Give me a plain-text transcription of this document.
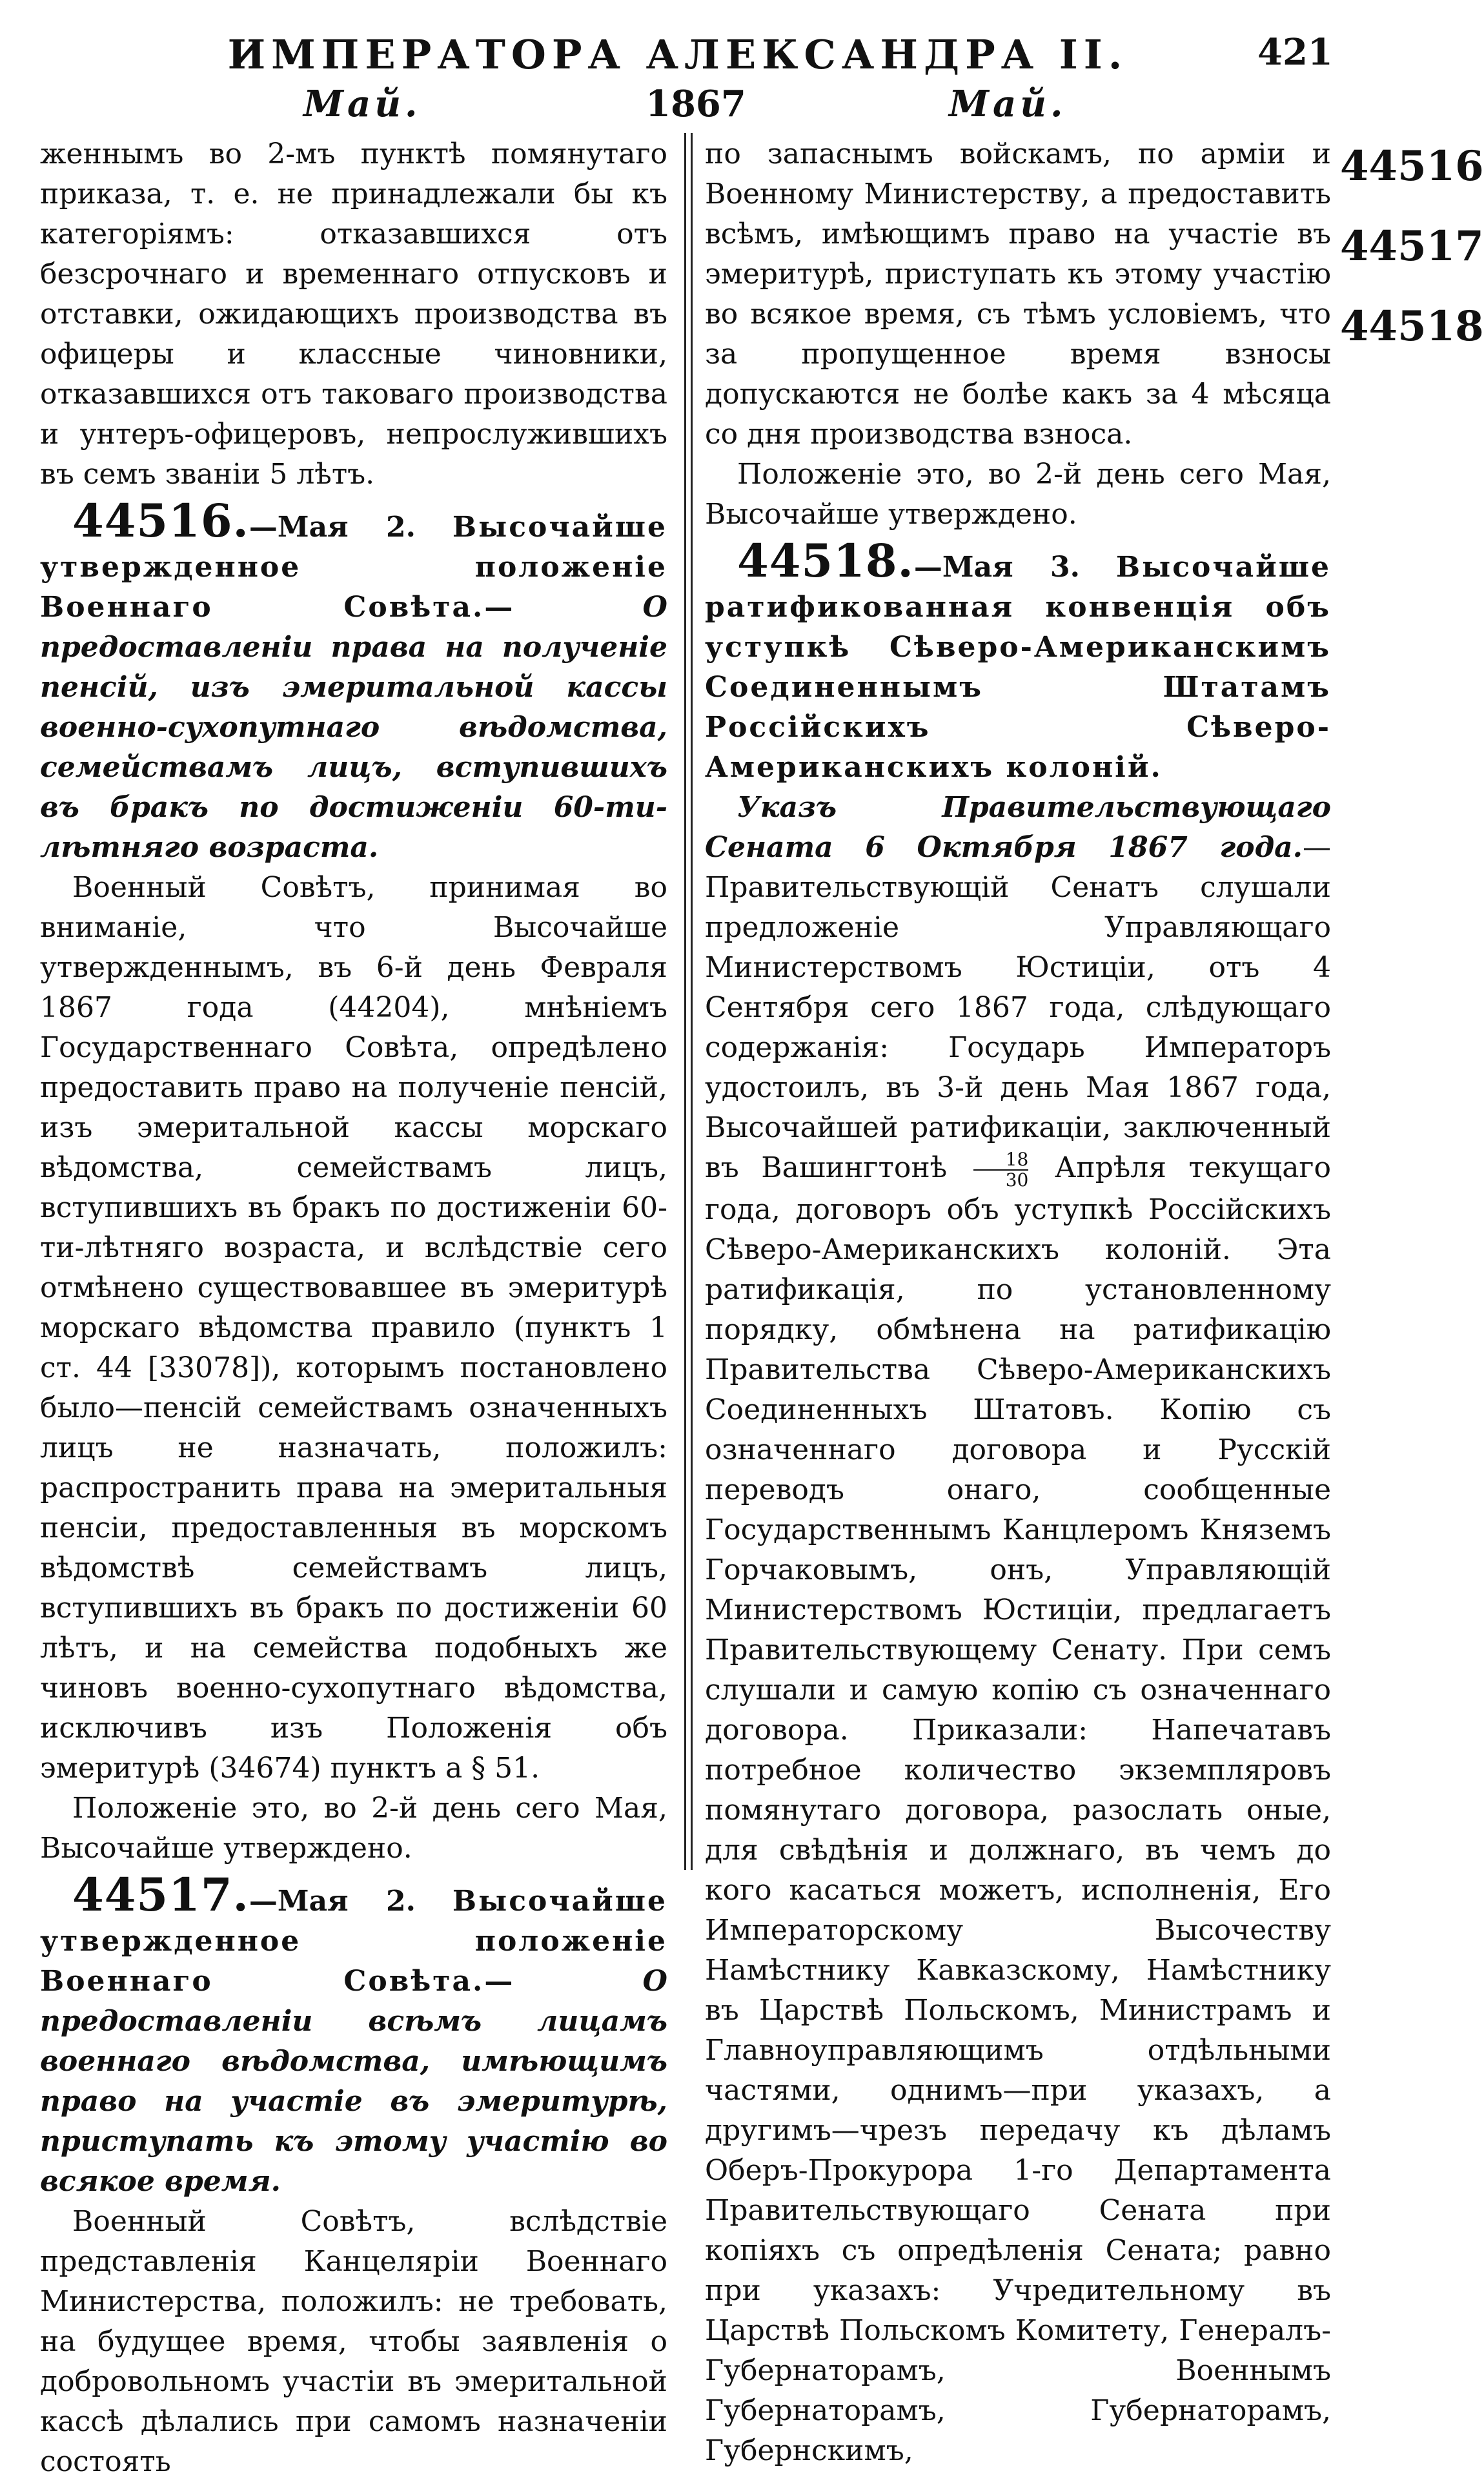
ИМПЕРАТОРА АЛЕКСАНДРА II.	421
Май.	1867	Май.

женнымъ во 2-мъ пунктѣ помянутаго приказа, т. е. не принадлежали бы къ категоріямъ: отказавшихся отъ безсрочнаго и временнаго отпусковъ и отставки, ожидающихъ производства въ офицеры и классные чиновники, отказавшихся отъ таковаго производства и унтеръ-офицеровъ, непрослужившихъ въ семъ званіи 5 лѣтъ.

44516.—Мая 2. Высочайше утвержденное положеніе Военнаго Совѣта.—	О предоставленіи права на полученіе пенсій, изъ эмеритальной кассы военно-сухопутнаго вѣдомства, семействамъ лицъ, вступившихъ въ бракъ по достиженіи 60-ти-лѣтняго возраста.

Военный Совѣтъ, принимая во вниманіе, что Высочайше утвержденнымъ, въ 6-й день Февраля 1867 года (44204), мнѣніемъ Государственнаго Совѣта, опредѣлено предоставить право на полученіе пенсій, изъ эмеритальной кассы морскаго вѣдомства, семействамъ лицъ, вступившихъ въ бракъ по достиженіи 60-ти-лѣтняго возраста, и вслѣдствіе сего отмѣнено существовавшее въ эмеритурѣ морскаго вѣдомства правило (пунктъ 1 ст. 44 [33078]), которымъ постановлено было—пенсій семействамъ означенныхъ лицъ не назначать, положилъ: распространить права на эмеритальныя пенсіи, предоставленныя въ морскомъ вѣдомствѣ семействамъ лицъ, вступившихъ въ бракъ по достиженіи 60 лѣтъ, и на семейства подобныхъ же чиновъ военно-сухопутнаго вѣдомства, исключивъ изъ Положенія объ эмеритурѣ (34674) пунктъ а § 51.

Положеніе это, во 2-й день сего Мая, Высочайше утверждено.

44517.—Мая 2. Высочайше утвержденное положеніе Военнаго Совѣта.—	О предоставленіи всѣмъ лицамъ военнаго вѣдомства, имѣющимъ право на участіе въ эмеритурѣ, приступать къ этому участію во всякое время.

Военный Совѣтъ, вслѣдствіе представленія Канцеляріи Военнаго Министерства, положилъ: не требовать, на будущее время, чтобы заявленія о добровольномъ участіи въ эмеритальной кассѣ дѣлались при самомъ назначеніи состоять

по запаснымъ войскамъ, по арміи и Военному Министерству, а предоставить всѣмъ, имѣющимъ право на участіе въ эмеритурѣ, приступать къ этому участію во всякое время, съ тѣмъ условіемъ, что за пропущенное время взносы допускаются не болѣе какъ за 4 мѣсяца со дня производства взноса.

Положеніе это, во 2-й день сего Мая, Высочайше утверждено.

44518.—Мая 3. Высочайше ратификованная конвенція объ уступкѣ Сѣверо-Американскимъ Соединеннымъ Штатамъ Россійскихъ Сѣверо-Американскихъ колоній.

Указъ Правительствующаго Сената 6 Октября 1867 года.—Правительствующій Сенатъ слушали предложеніе Управляющаго Министерствомъ Юстиціи, отъ 4 Сентября сего 1867 года, слѣдующаго содержанія: Государь Императоръ удостоилъ, въ 3-й день Мая 1867 года, Высочайшей ратификаціи, заключенный въ Вашингтонѣ $\frac{18}{30}$ Апрѣля текущаго года, договоръ объ уступкѣ Россійскихъ Сѣверо-Американскихъ колоній. Эта ратификація, по установленному порядку, обмѣнена на ратификацію Правительства Сѣверо-Американскихъ Соединенныхъ Штатовъ. Копію съ означеннаго договора и Русскій переводъ онаго, сообщенные Государственнымъ Канцлеромъ Княземъ Горчаковымъ, онъ, Управляющій Министерствомъ Юстиціи, предлагаетъ Правительствующему Сенату. При семъ слушали и самую копію съ означеннаго договора. Приказали: Напечатавъ потребное количество экземпляровъ помянутаго договора, разослать оные, для свѣдѣнія и должнаго, въ чемъ до кого касаться можетъ, исполненія, Его Императорскому Высочеству Намѣстнику Кавказскому, Намѣстнику въ Царствѣ Польскомъ, Министрамъ и Главноуправляющимъ отдѣльными частями, однимъ—при указахъ, а другимъ—чрезъ передачу къ дѣламъ Оберъ-Прокурора 1-го Департамента Правительствующаго Сената при копіяхъ съ опредѣленія Сената; равно при указахъ: Учредительному въ Царствѣ Польскомъ Комитету, Генералъ-Губернаторамъ, Военнымъ Губернаторамъ, Губернаторамъ, Губернскимъ,

44516
44517
44518
